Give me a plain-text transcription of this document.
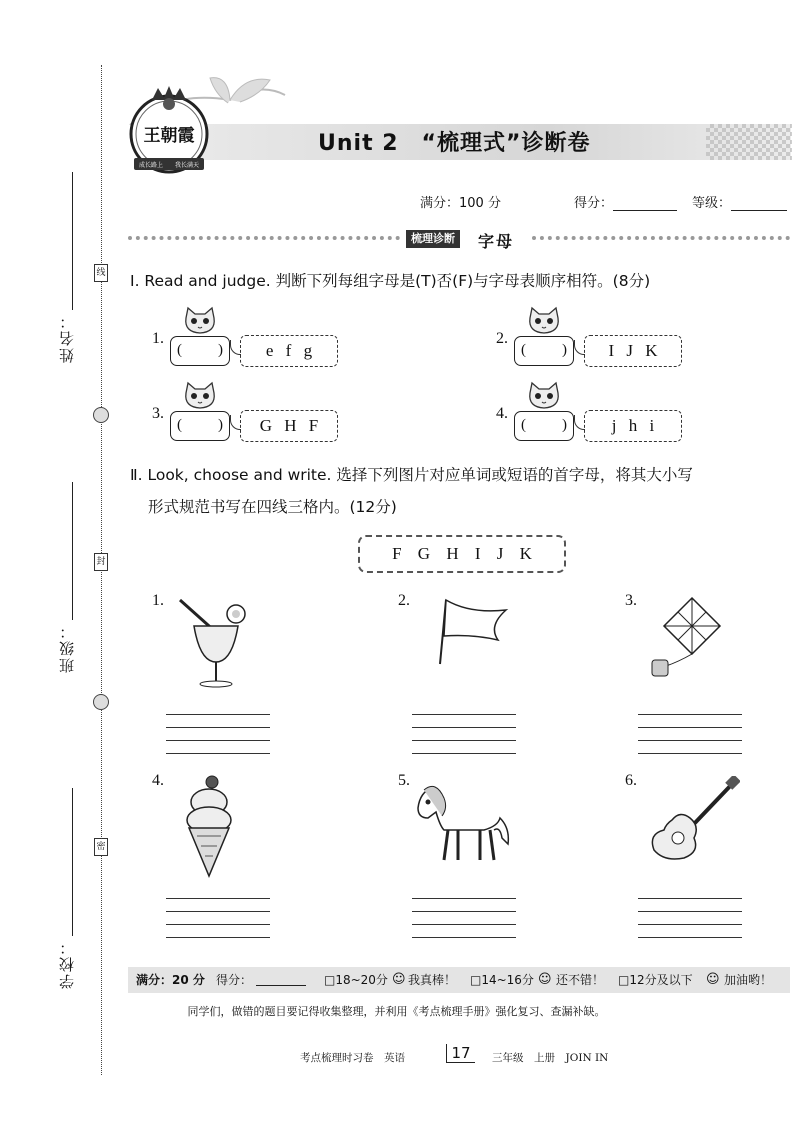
姓名：
班级：
学校：
线
封
密
王朝霞
成长路上 我长满天
Unit 2　“梳理式”诊断卷
满分：100 分	得分：	等级：
梳理诊断	字母
Ⅰ. Read and judge. 判断下列每组字母是(T)否(F)与字母表顺序相符。(8分)
1.
( )	e f g
2.
( )	I J K
3.
( )	G H F
4.
( )	j h i
Ⅱ. Look, choose and write. 选择下列图片对应单词或短语的首字母，将其大小写
形式规范书写在四线三格内。(12分)
F G H I J K
1.	2.	3.
4.	5.	6.
满分：20 分 得分：	□18~20分 ☺ 我真棒！ □14~16分 ☺ 还不错！ □12分及以下 ☺ 加油哟！
同学们，做错的题目要记得收集整理，并利用《考点梳理手册》强化复习、查漏补缺。
考点梳理时习卷　英语	17	三年级　上册　JOIN IN
